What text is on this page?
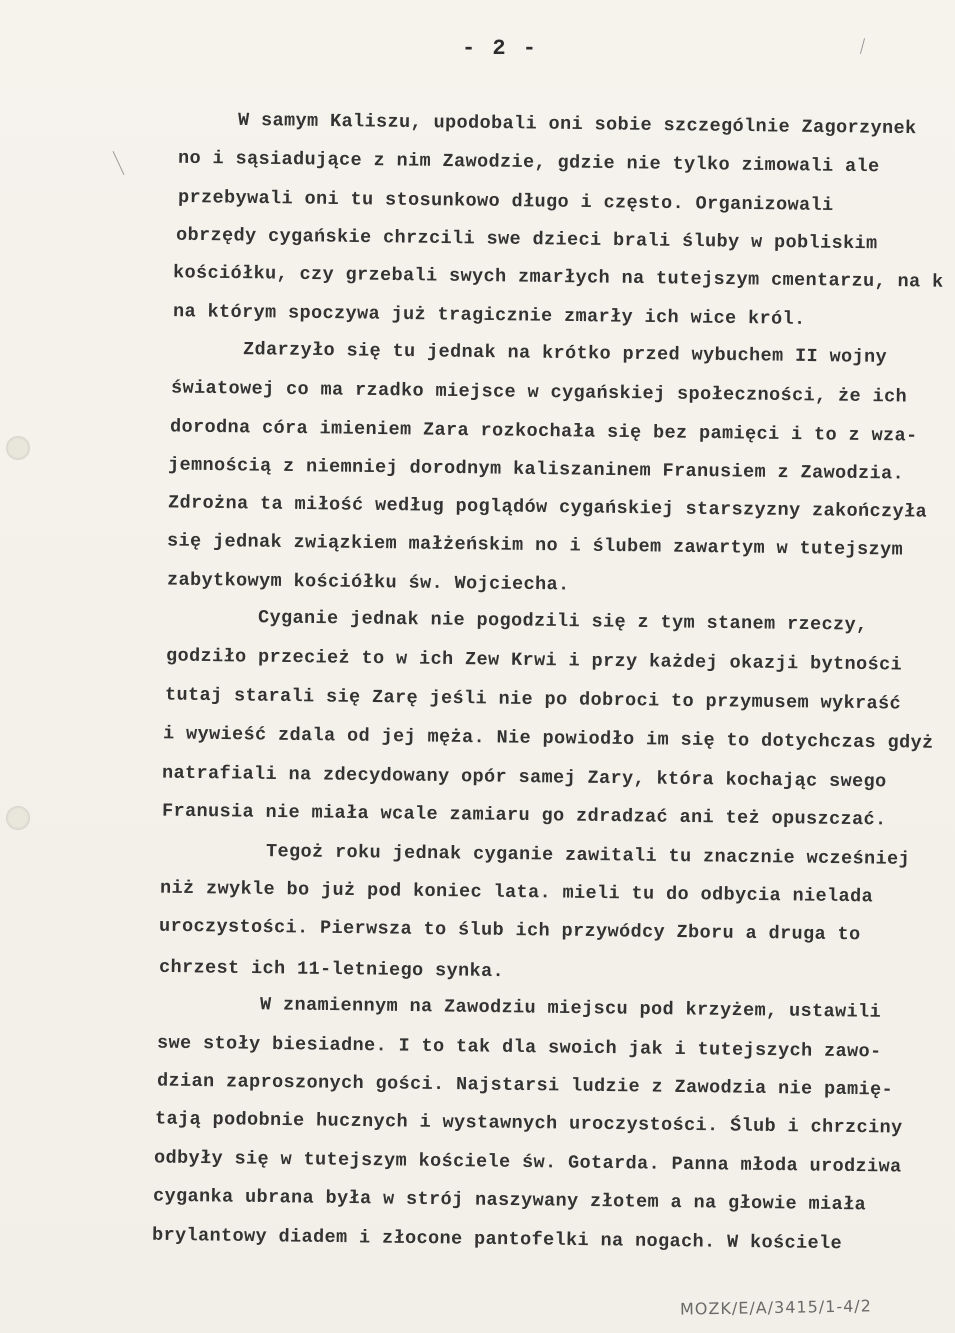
- 2 -
W samym Kaliszu, upodobali oni sobie szczególnie Zagorzynek
no i sąsiadujące z nim Zawodzie, gdzie nie tylko zimowali ale
przebywali oni tu stosunkowo długo i często. Organizowali
obrzędy cygańskie chrzcili swe dzieci brali śluby w pobliskim
kościółku, czy grzebali swych zmarłych na tutejszym cmentarzu, na k
na którym spoczywa już tragicznie zmarły ich wice król.
Zdarzyło się tu jednak na krótko przed wybuchem II wojny
światowej co ma rzadko miejsce w cygańskiej społeczności, że ich
dorodna córa imieniem Zara rozkochała się bez pamięci i to z wza-
jemnością z niemniej dorodnym kaliszaninem Franusiem z Zawodzia.
Zdrożna ta miłość według poglądów cygańskiej starszyzny zakończyła
się jednak związkiem małżeńskim no i ślubem zawartym w tutejszym
zabytkowym kościółku św. Wojciecha.
Cyganie jednak nie pogodzili się z tym stanem rzeczy,
godziło przecież to w ich Zew Krwi i przy każdej okazji bytności
tutaj starali się Zarę jeśli nie po dobroci to przymusem wykraść
i wywieść zdala od jej męża. Nie powiodło im się to dotychczas gdyż
natrafiali na zdecydowany opór samej Zary, która kochając swego
Franusia nie miała wcale zamiaru go zdradzać ani też opuszczać.
Tegoż roku jednak cyganie zawitali tu znacznie wcześniej
niż zwykle bo już pod koniec lata. mieli tu do odbycia nielada
uroczystości. Pierwsza to ślub ich przywódcy Zboru a druga to
chrzest ich 11-letniego synka.
W znamiennym na Zawodziu miejscu pod krzyżem, ustawili
swe stoły biesiadne. I to tak dla swoich jak i tutejszych zawo-
dzian zaproszonych gości. Najstarsi ludzie z Zawodzia nie pamię-
tają podobnie hucznych i wystawnych uroczystości. Ślub i chrzciny
odbyły się w tutejszym kościele św. Gotarda. Panna młoda urodziwa
cyganka ubrana była w strój naszywany złotem a na głowie miała
brylantowy diadem i złocone pantofelki na nogach. W kościele
MOZK/E/A/3415/1-4/2
